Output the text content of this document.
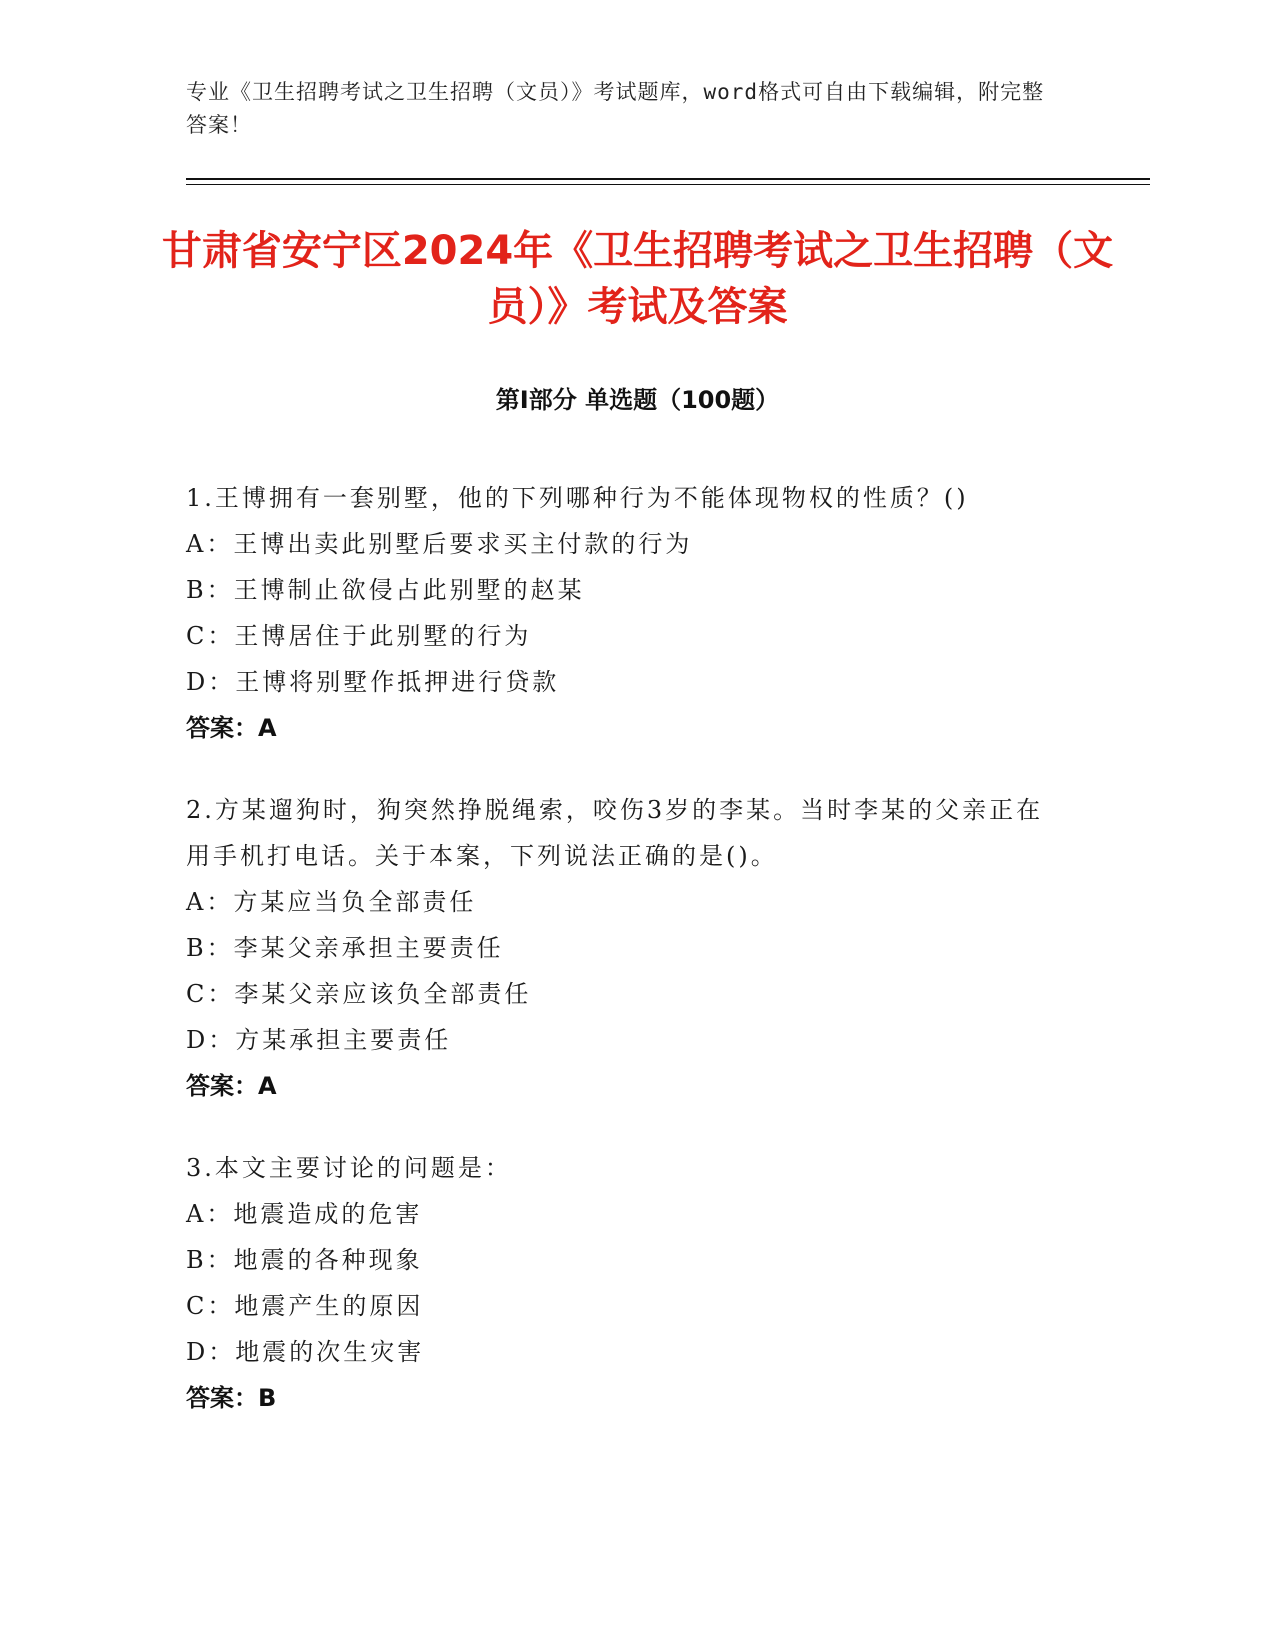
专业《卫生招聘考试之卫生招聘（文员）》考试题库，word格式可自由下载编辑，附完整答案！
甘肃省安宁区2024年《卫生招聘考试之卫生招聘（文员）》考试及答案
第I部分 单选题（100题）
1.王博拥有一套别墅，他的下列哪种行为不能体现物权的性质？()
A：王博出卖此别墅后要求买主付款的行为
B：王博制止欲侵占此别墅的赵某
C：王博居住于此别墅的行为
D：王博将别墅作抵押进行贷款
答案：A
2.方某遛狗时，狗突然挣脱绳索，咬伤3岁的李某。当时李某的父亲正在用手机打电话。关于本案，下列说法正确的是()。
A：方某应当负全部责任
B：李某父亲承担主要责任
C：李某父亲应该负全部责任
D：方某承担主要责任
答案：A
3.本文主要讨论的问题是：
A：地震造成的危害
B：地震的各种现象
C：地震产生的原因
D：地震的次生灾害
答案：B
